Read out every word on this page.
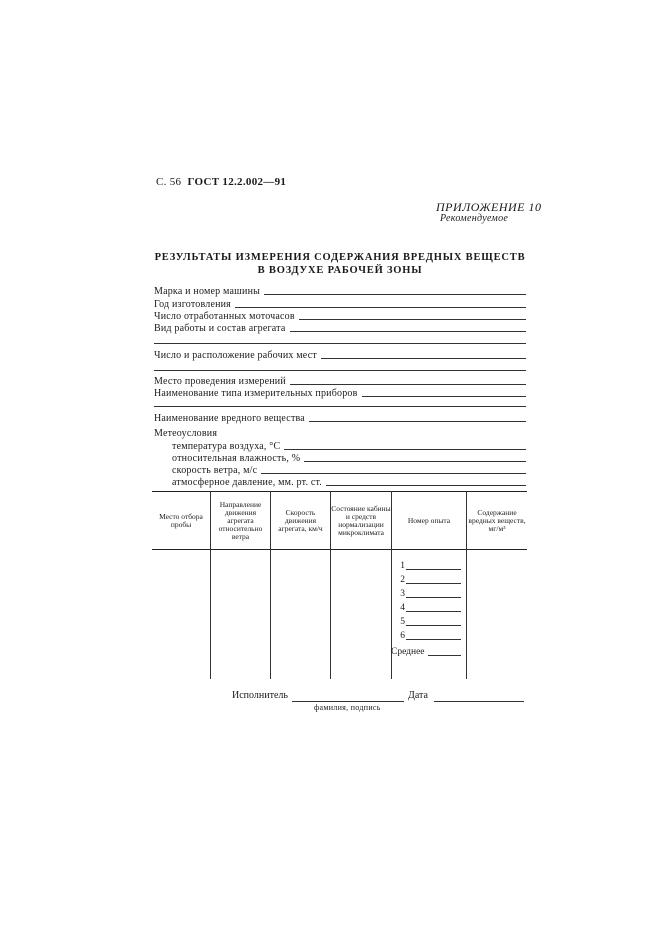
С. 56 ГОСТ 12.2.002—91
ПРИЛОЖЕНИЕ 10
Рекомендуемое
РЕЗУЛЬТАТЫ ИЗМЕРЕНИЯ СОДЕРЖАНИЯ ВРЕДНЫХ ВЕЩЕСТВ
В ВОЗДУХЕ РАБОЧЕЙ ЗОНЫ
Марка и номер машины
Год изготовления
Число отработанных моточасов
Вид работы и состав агрегата
Число и расположение рабочих мест
Место проведения измерений
Наименование типа измерительных приборов
Наименование вредного вещества
Метеоусловия
температура воздуха, °С
относительная влажность, %
скорость ветра, м/с
атмосферное давление, мм. рт. ст.
Место отбора пробы
Направление движения агрегата относительно ветра
Скорость движения агрегата, км/ч
Состояние кабины и средств нормализации микроклимата
Номер опыта
Содержание вредных веществ, мг/м³
1
2
3
4
5
6
Среднее
Исполнитель	Дата
фамилия, подпись
